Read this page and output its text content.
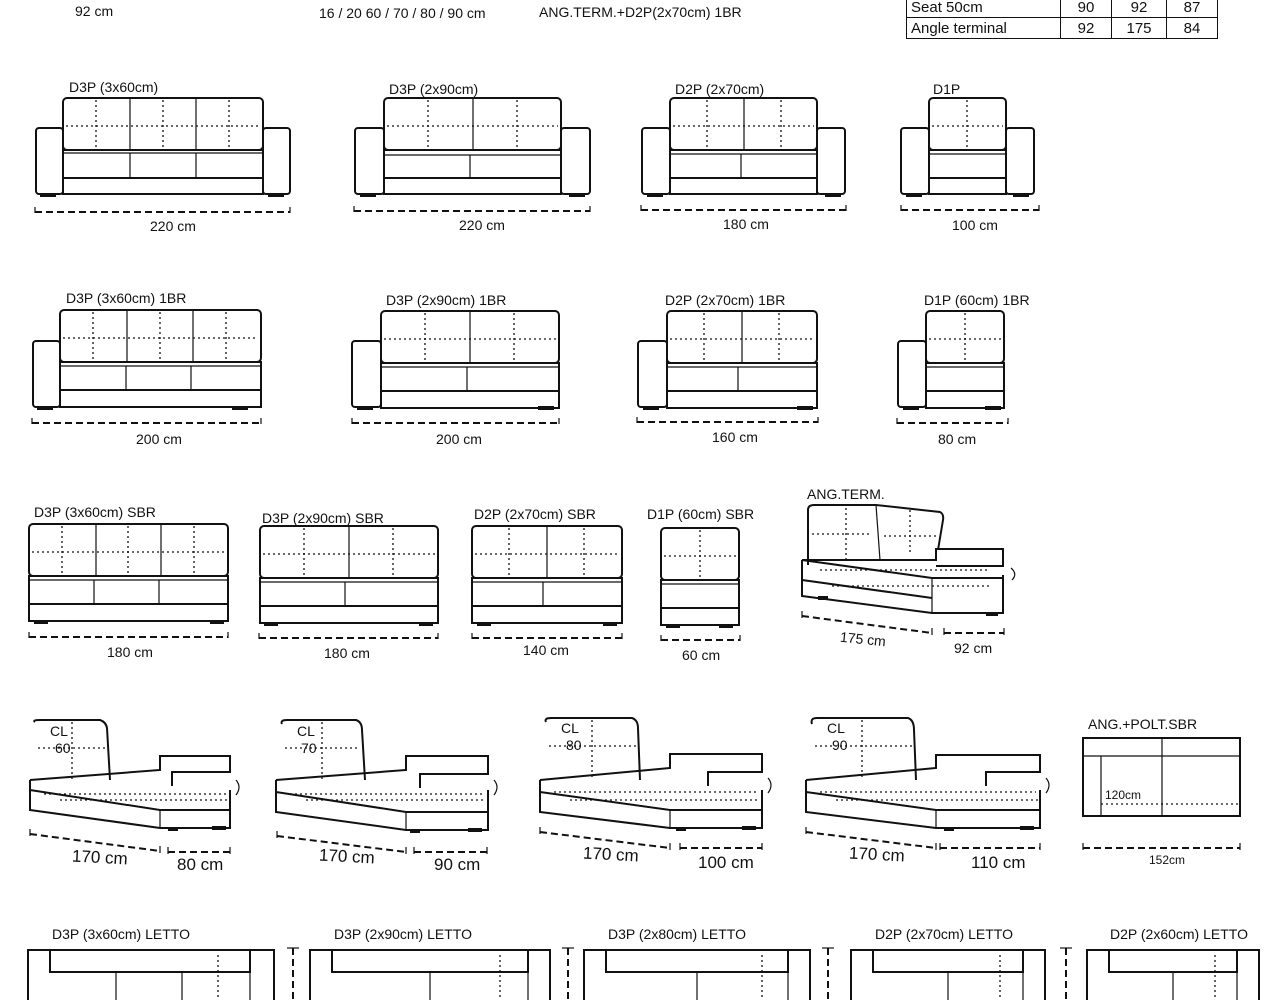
92 cm	16 / 20 60 / 70 / 80 / 90 cm	ANG.TERM.+D2P(2x70cm) 1BR	Seat 50cm	90	92	87
Angle terminal	92	175	84
D3P (3x60cm)
220 cm
D3P (2x90cm)
220 cm
D2P (2x70cm)
180 cm
D1P
100 cm
D3P (3x60cm) 1BR
200 cm
D3P (2x90cm) 1BR
200 cm
D2P (2x70cm) 1BR
160 cm
D1P (60cm) 1BR
80 cm
D3P (3x60cm) SBR
180 cm
D3P (2x90cm) SBR
180 cm
D2P (2x70cm) SBR
140 cm
D1P (60cm) SBR
60 cm
ANG.TERM.
175 cm	92 cm
CL
60
170 cm	80 cm
CL
70
170 cm	90 cm
CL
80
170 cm	100 cm
CL
90
170 cm	110 cm
ANG.+POLT.SBR
120cm
152cm
D3P (3x60cm) LETTO	D3P (2x90cm) LETTO	D3P (2x80cm) LETTO	D2P (2x70cm) LETTO	D2P (2x60cm) LETTO
